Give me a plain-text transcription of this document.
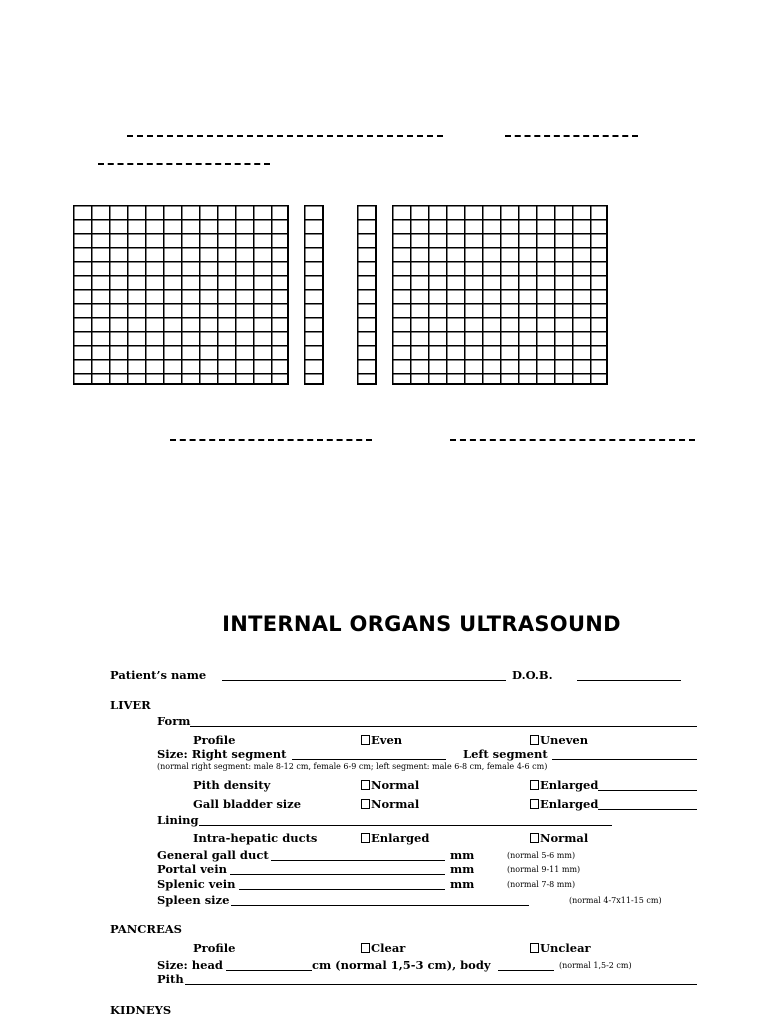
INTERNAL ORGANS ULTRASOUND
Patient’s name	D.O.B.
LIVER
Form
Profile	Even	Uneven
Size: Right segment	Left segment
(normal right segment: male 8-12 cm, female 6-9 cm; left segment: male 6-8 cm, female 4-6 cm)
Pith density	Normal	Enlarged
Gall bladder size	Normal	Enlarged
Lining
Intra-hepatic ducts	Enlarged	Normal
General gall duct	mm	(normal 5-6 mm)
Portal vein	mm	(normal 9-11 mm)
Splenic vein	mm	(normal 7-8 mm)
Spleen size	(normal 4-7x11-15 cm)
PANCREAS
Profile	Clear	Unclear
Size: head	cm (normal 1,5-3 cm), body	(normal 1,5-2 cm)
Pith
KIDNEYS
